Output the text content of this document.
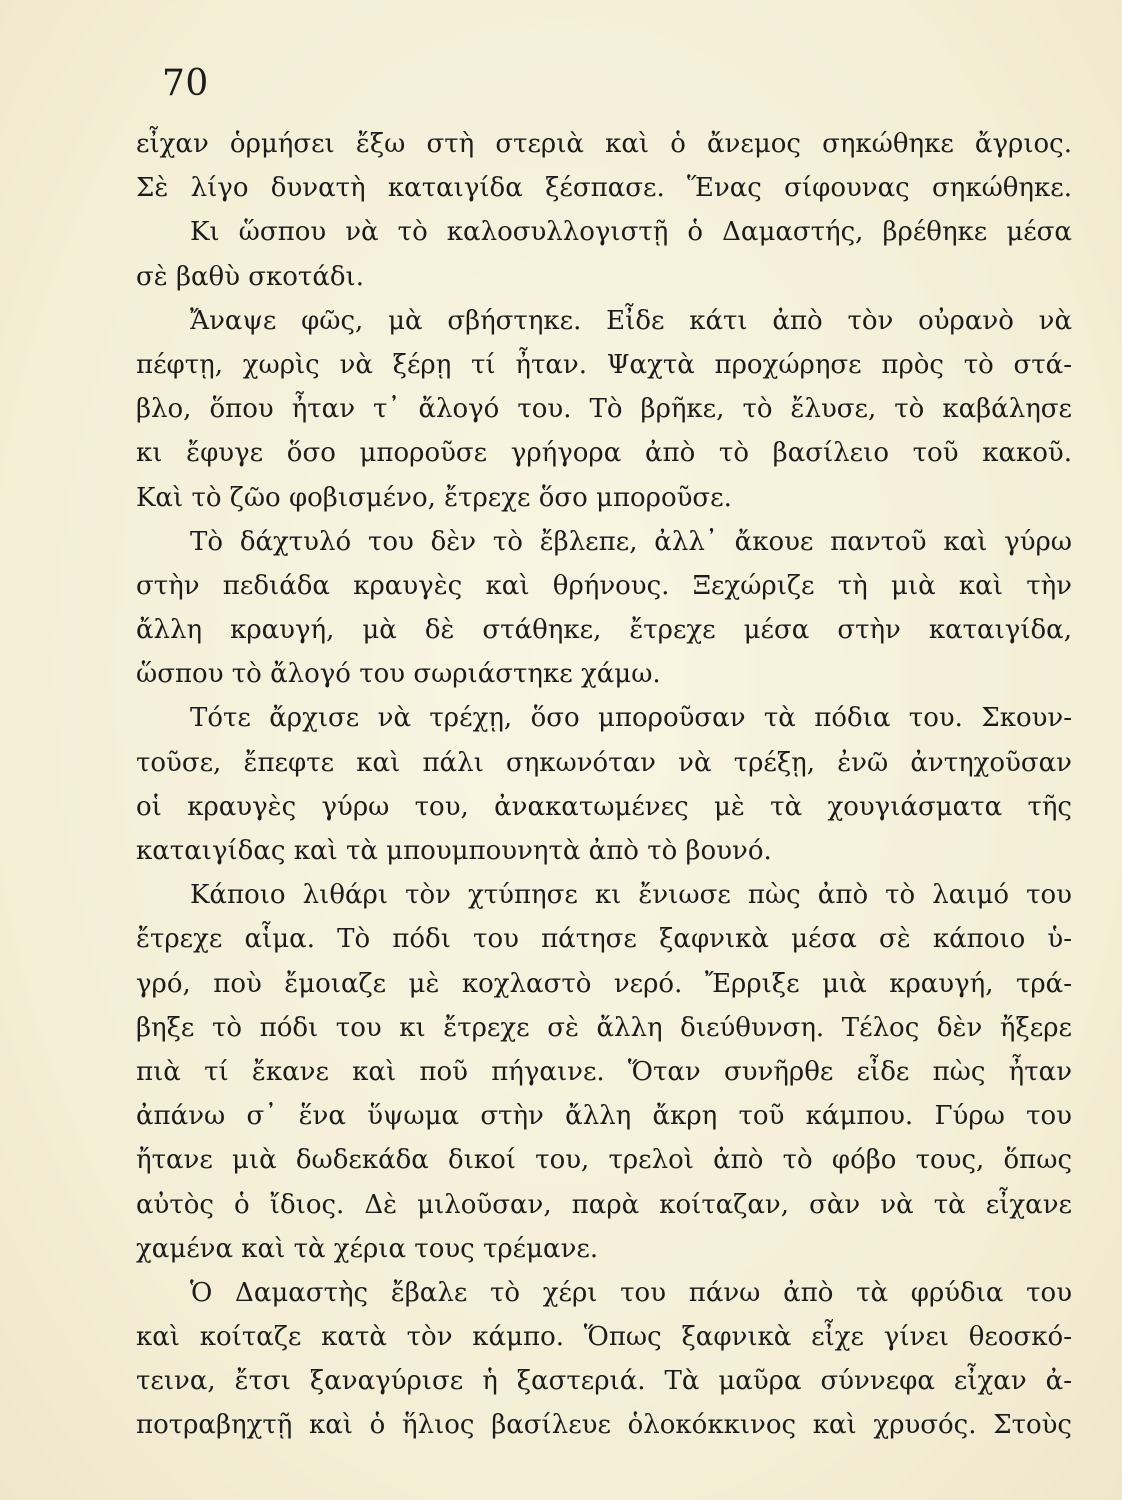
70
εἶχαν ὁρμήσει ἔξω στὴ στεριὰ καὶ ὁ ἄνεμος σηκώθηκε ἄγριος.
Σὲ λίγο δυνατὴ καταιγίδα ξέσπασε. Ἕνας σίφουνας σηκώθηκε.
Κι ὥσπου νὰ τὸ καλοσυλλογιστῇ ὁ Δαμαστής, βρέθηκε μέσα
σὲ βαθὺ σκοτάδι.
Ἄναψε φῶς, μὰ σβήστηκε. Εἶδε κάτι ἀπὸ τὸν οὐρανὸ νὰ
πέφτῃ, χωρὶς νὰ ξέρῃ τί ἦταν. Ψαχτὰ προχώρησε πρὸς τὸ στά-
βλο, ὅπου ἦταν τ᾿ ἄλογό του. Τὸ βρῆκε, τὸ ἔλυσε, τὸ καβάλησε
κι ἔφυγε ὅσο μποροῦσε γρήγορα ἀπὸ τὸ βασίλειο τοῦ κακοῦ.
Καὶ τὸ ζῶο φοβισμένο, ἔτρεχε ὅσο μποροῦσε.
Τὸ δάχτυλό του δὲν τὸ ἔβλεπε, ἀλλ᾿ ἄκουε παντοῦ καὶ γύρω
στὴν πεδιάδα κραυγὲς καὶ θρήνους. Ξεχώριζε τὴ μιὰ καὶ τὴν
ἄλλη κραυγή, μὰ δὲ στάθηκε, ἔτρεχε μέσα στὴν καταιγίδα,
ὥσπου τὸ ἄλογό του σωριάστηκε χάμω.
Τότε ἄρχισε νὰ τρέχῃ, ὅσο μποροῦσαν τὰ πόδια του. Σκουν-
τοῦσε, ἔπεφτε καὶ πάλι σηκωνόταν νὰ τρέξῃ, ἐνῶ ἀντηχοῦσαν
οἱ κραυγὲς γύρω του, ἀνακατωμένες μὲ τὰ χουγιάσματα τῆς
καταιγίδας καὶ τὰ μπουμπουνητὰ ἀπὸ τὸ βουνό.
Κάποιο λιθάρι τὸν χτύπησε κι ἔνιωσε πὼς ἀπὸ τὸ λαιμό του
ἔτρεχε αἷμα. Τὸ πόδι του πάτησε ξαφνικὰ μέσα σὲ κάποιο ὑ-
γρό, ποὺ ἔμοιαζε μὲ κοχλαστὸ νερό. Ἔρριξε μιὰ κραυγή, τρά-
βηξε τὸ πόδι του κι ἔτρεχε σὲ ἄλλη διεύθυνση. Τέλος δὲν ἤξερε
πιὰ τί ἔκανε καὶ ποῦ πήγαινε. Ὅταν συνῆρθε εἶδε πὼς ἦταν
ἀπάνω σ᾿ ἕνα ὕψωμα στὴν ἄλλη ἄκρη τοῦ κάμπου. Γύρω του
ἤτανε μιὰ δωδεκάδα δικοί του, τρελοὶ ἀπὸ τὸ φόβο τους, ὅπως
αὐτὸς ὁ ἴδιος. Δὲ μιλοῦσαν, παρὰ κοίταζαν, σὰν νὰ τὰ εἶχανε
χαμένα καὶ τὰ χέρια τους τρέμανε.
Ὁ Δαμαστὴς ἔβαλε τὸ χέρι του πάνω ἀπὸ τὰ φρύδια του
καὶ κοίταζε κατὰ τὸν κάμπο. Ὅπως ξαφνικὰ εἶχε γίνει θεοσκό-
τεινα, ἔτσι ξαναγύρισε ἡ ξαστεριά. Τὰ μαῦρα σύννεφα εἶχαν ἀ-
ποτραβηχτῇ καὶ ὁ ἥλιος βασίλευε ὁλοκόκκινος καὶ χρυσός. Στοὺς
